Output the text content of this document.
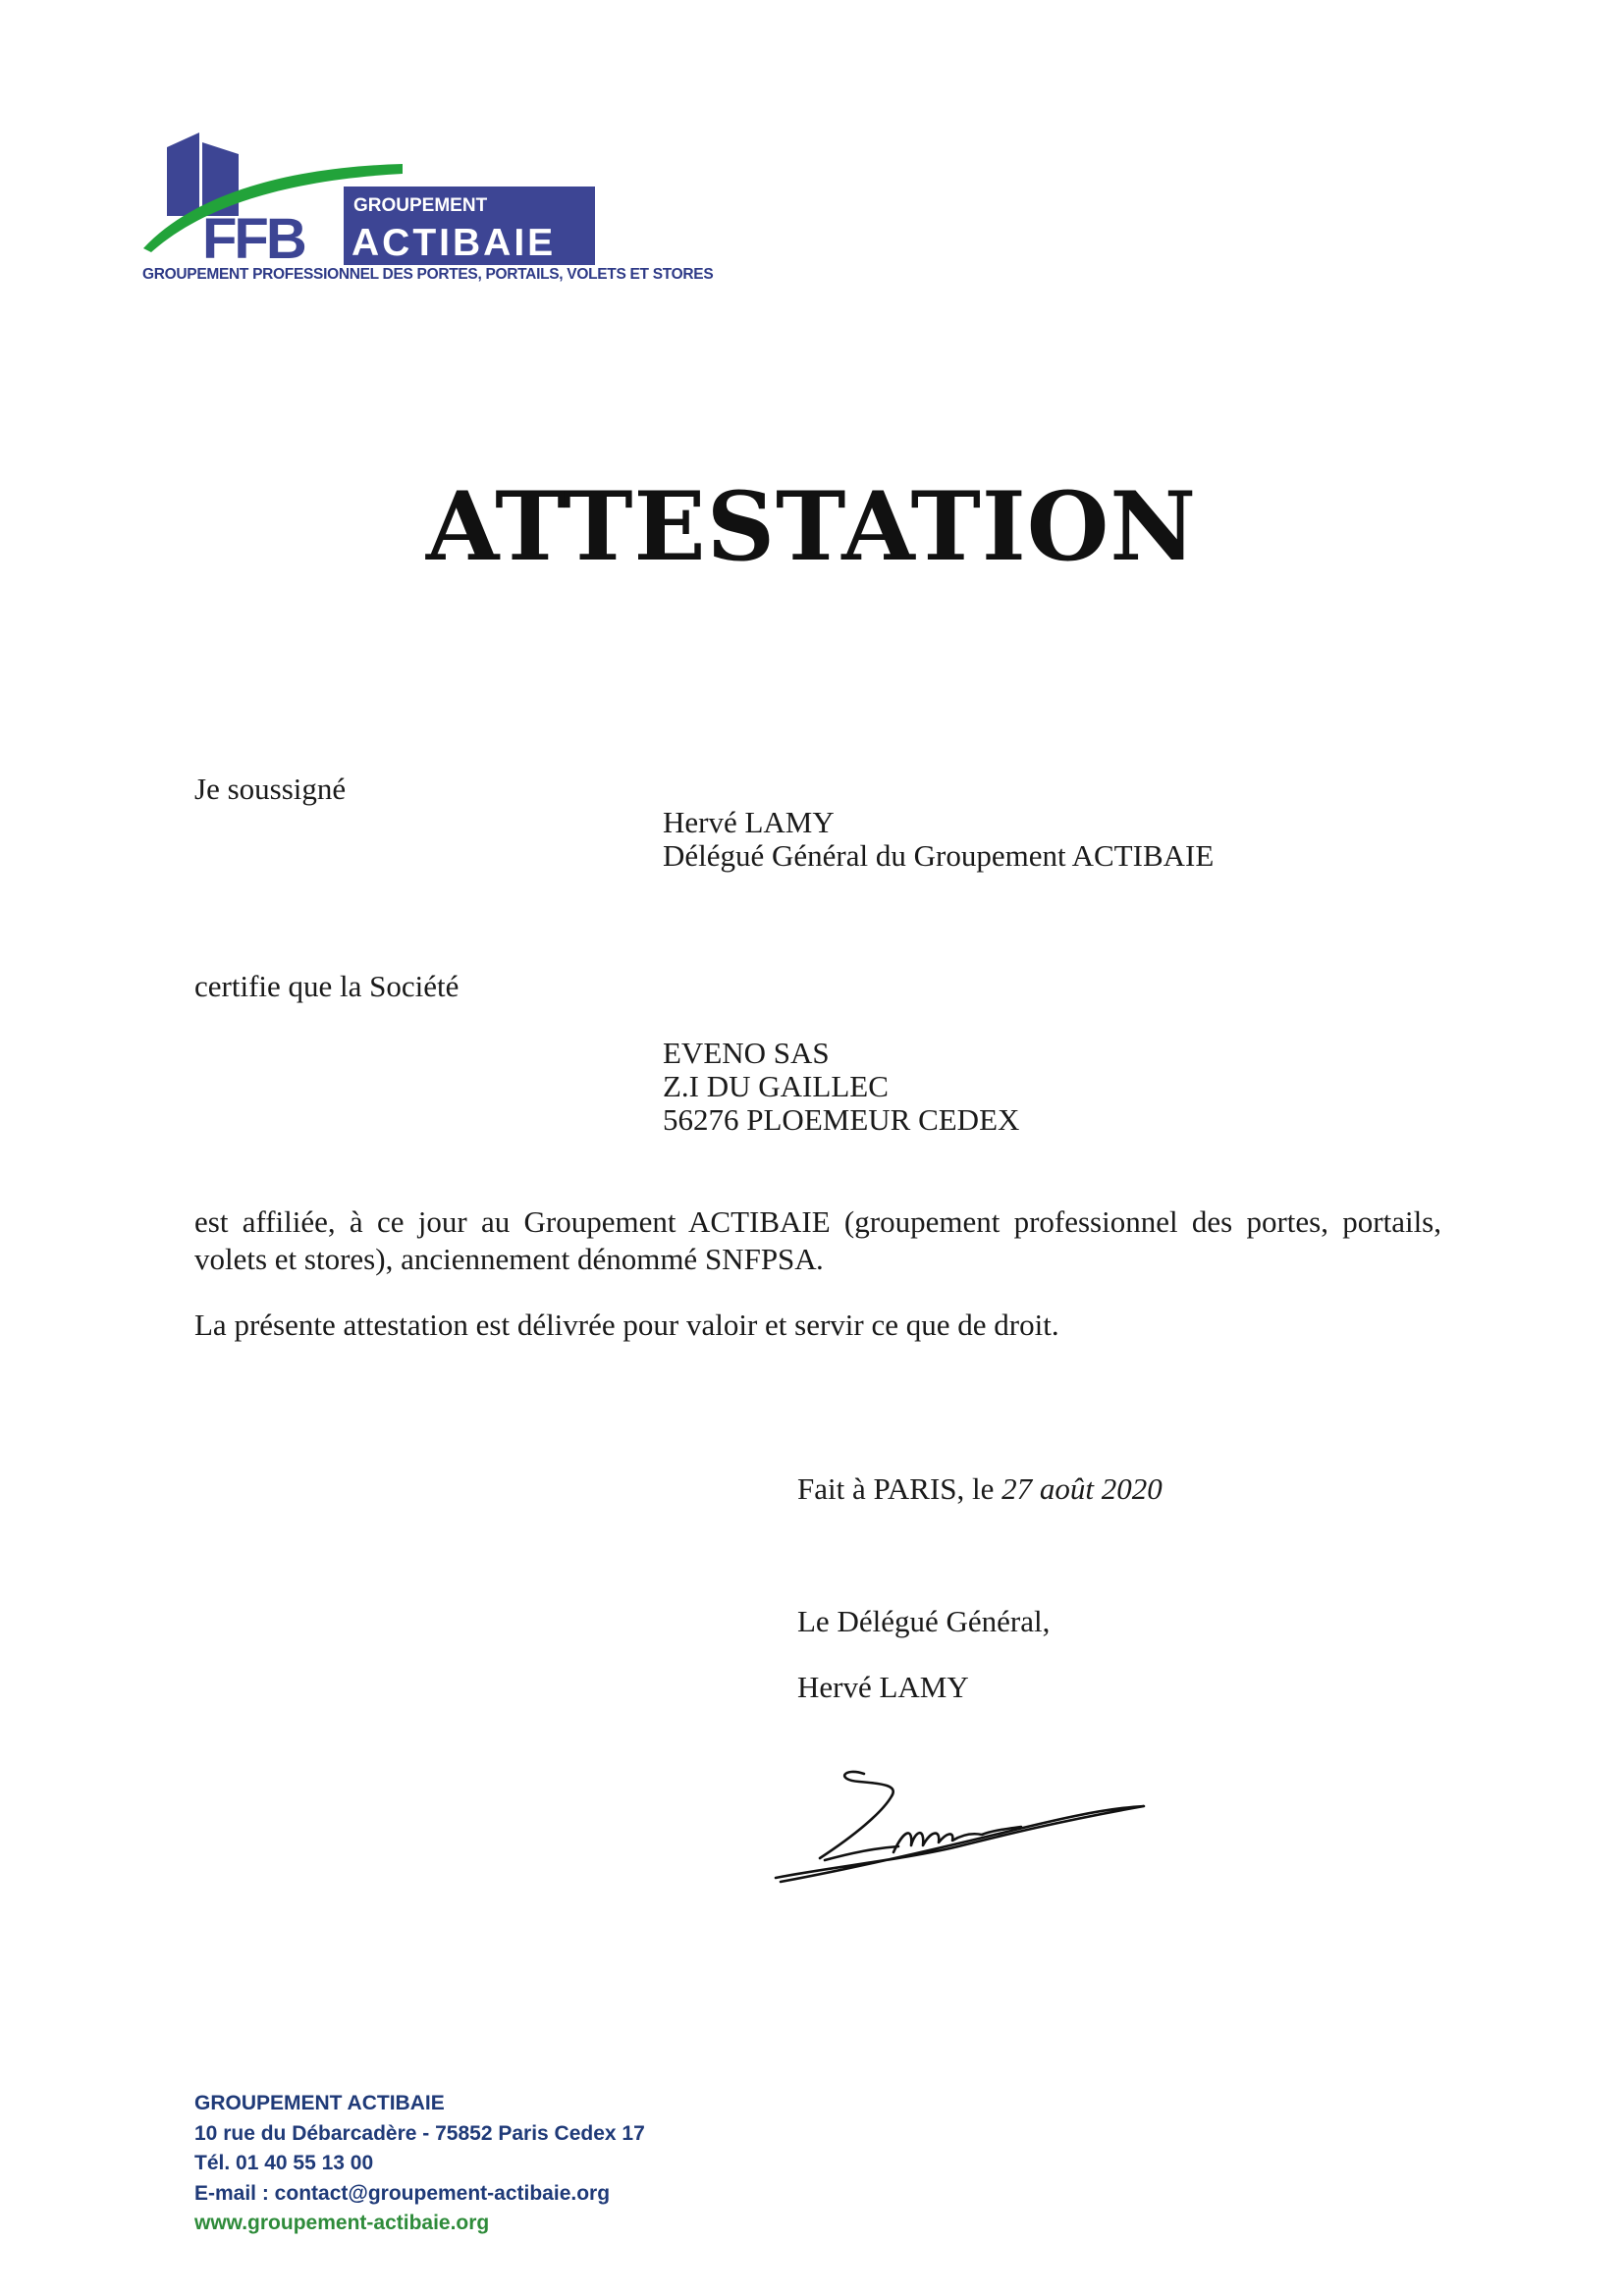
FFB
GROUPEMENT
ACTIBAIE
GROUPEMENT PROFESSIONNEL DES PORTES, PORTAILS, VOLETS ET STORES
ATTESTATION
Je soussigné
Hervé LAMY
Délégué Général du Groupement ACTIBAIE
certifie que la Société
EVENO SAS
Z.I DU GAILLEC
56276 PLOEMEUR CEDEX
est affiliée, à ce jour au Groupement ACTIBAIE (groupement professionnel des portes, portails, volets et stores), anciennement dénommé SNFPSA.
La présente attestation est délivrée pour valoir et servir ce que de droit.
Fait à PARIS, le 27 août 2020
Le Délégué Général,
Hervé LAMY
GROUPEMENT ACTIBAIE
10 rue du Débarcadère - 75852 Paris Cedex 17
Tél. 01 40 55 13 00
E-mail : contact@groupement-actibaie.org
www.groupement-actibaie.org
